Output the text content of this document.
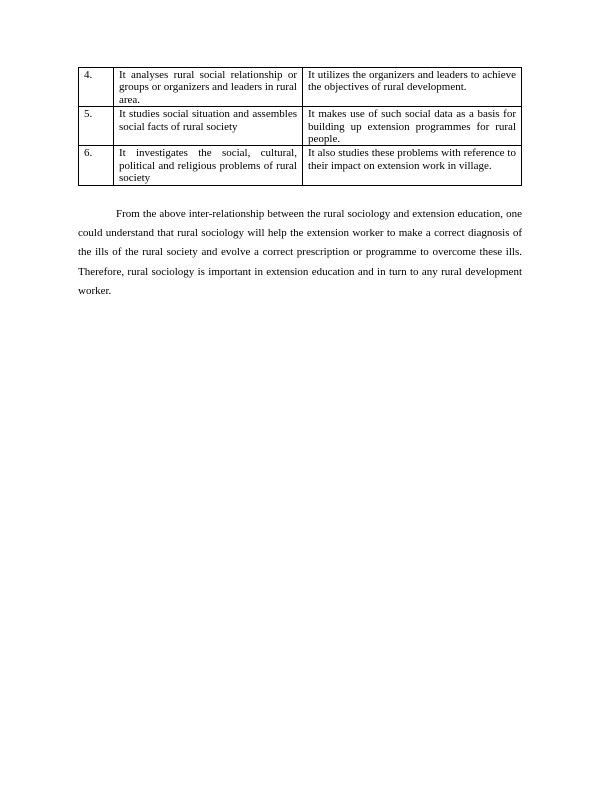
4.	It analyses rural social relationship or groups or organizers and leaders in rural area.	It utilizes the organizers and leaders to achieve the objectives of rural development.
5.	It studies social situation and assembles social facts of rural society	It makes use of such social data as a basis for building up extension programmes for rural people.
6.	It investigates the social, cultural, political and religious problems of rural society	It also studies these problems with reference to their impact on extension work in village.

From the above inter-relationship between the rural sociology and extension education, one could understand that rural sociology will help the extension worker to make a correct diagnosis of the ills of the rural society and evolve a correct prescription or programme to overcome these ills. Therefore, rural sociology is important in extension education and in turn to any rural development worker.
